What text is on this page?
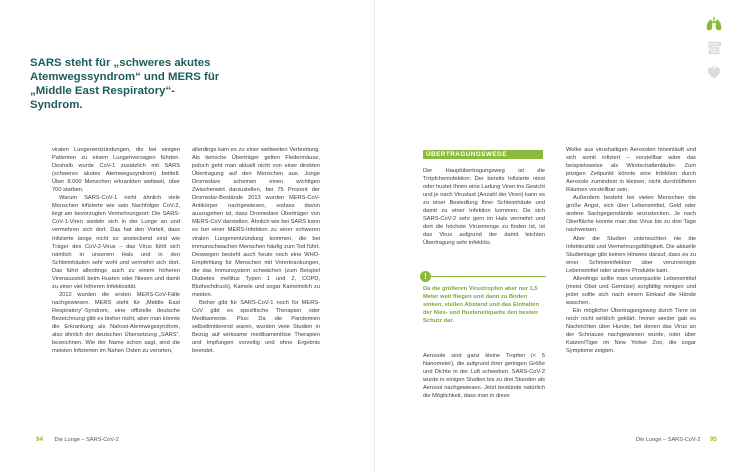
SARS steht für „schweres akutes Atemwegssyndrom“ und MERS für „Middle East Respiratory“-Syndrom.

viralen Lungenentzündungen, die bei einigen Patienten zu einem Lungenversagen führten. Deshalb wurde CoV-1 zusätzlich mit SARS (schweres akutes Atemwegssyndrom) betitelt. Über 8.000 Menschen erkrankten weltweit, über 700 starben.

Warum SARS-CoV-1 nicht ähnlich viele Menschen infizierte wie sein Nachfolger CoV-2, liegt am bevorzugten Vermehrungsort: Die SARS-CoV-1-Viren siedeln sich in der Lunge an und vermehren sich dort. Das hat den Vorteil, dass Infizierte lange nicht so ansteckend sind wie Träger des CoV-2-Virus – das Virus fühlt sich nämlich in unserem Hals und in den Schleimhäuten sehr wohl und vermehrt sich dort. Das führt allerdings auch zu einem höheren Virenausstoß beim Husten oder Niesen und damit zu einer viel höheren Infektiosität.

2012 wurden die ersten MERS-CoV-Fälle nachgewiesen. MERS steht für „Middle East Respiratory“-Syndrom, eine offizielle deutsche Bezeichnung gibt es bisher nicht, aber man könnte die Erkrankung als Nahost-Atemwegssyndrom, also ähnlich der deutschen Übersetzung „SARS“, bezeichnen. Wie der Name schon sagt, sind die meisten Infizierten im Nahen Osten zu verorten,

allerdings kam es zu einer weltweiten Verbreitung. Als tierische Überträger gelten Fledermäuse, jedoch geht man aktuell nicht von einer direkten Übertragung auf den Menschen aus. Junge Dromedare scheinen einen wichtigen Zwischenwirt darzustellen, bei 75 Prozent der Dromedar-Bestände 2013 wurden MERS-CoV-Antikörper nachgewiesen, sodass davon auszugehen ist, dass Dromedare Überträger von MERS-CoV darstellen. Ähnlich wie bei SARS kann es bei einer MERS-Infektion zu einer schweren viralen Lungenentzündung kommen, die bei immunschwachen Menschen häufig zum Tod führt. Deswegen besteht auch heute noch eine WHO-Empfehlung für Menschen mit Vorerkrankungen, die das Immunsystem schwächen (zum Beispiel Diabetes mellitus Typen 1 und 2, COPD, Bluthochdruck), Kamele und sogar Kamelmilch zu meiden.

Bisher gibt für SARS-CoV-1 noch für MERS-CoV gibt es spezifische Therapien oder Medikamente. Plus: Da die Pandemien selbstlimitierend waren, wurden viele Studien in Bezug auf wirksame medikamentöse Therapien und Impfungen vorzeitig und ohne Ergebnis beendet.

ÜBERTRAGUNGSWEGE

Der Hauptübertragungsweg ist die Tröpfcheninfektion: Der bereits Infizierte niest oder hustet Ihnen eine Ladung Viren ins Gesicht und je nach Viruslast (Anzahl der Viren) kann es zu einer Besiedlung Ihrer Schleimhäute und damit zu einer Infektion kommen. Da sich SARS-CoV-2 sehr gern im Hals vermehrt und dort die höchste Virusmenge zu finden ist, ist das Virus aufgrund der damit leichten Übertragung sehr infektiös.

!
Da die größeren Virustropfen aber nur 1,5 Meter weit fliegen und dann zu Boden sinken, stellen Abstand und das Einhalten der Nies- und Hustenetiquette den besten Schutz dar.

Aerosole sind ganz kleine Tropfen (< 5 Nanometer), die aufgrund ihrer geringen Größe und Dichte in der Luft schweben. SARS-CoV-2 wurde in einigen Studien bis zu drei Stunden als Aerosol nachgewiesen. Jetzt bestünde natürlich die Möglichkeit, dass man in diese

Wolke aus virushaltigen Aerosolen hineinläuft und sich somit infiziert – vorstellbar wäre das beispielsweise als Windschattenläufer. Zum jetzigen Zeitpunkt könnte eine Infektion durch Aerosole zumindest in kleinen, nicht durchlüfteten Räumen vorstellbar sein.

Außerdem besteht bei vielen Menschen die große Angst, sich über Lebensmittel, Geld oder andere Sachgegenstände anzustecken. Je nach Oberfläche konnte man das Virus bis zu drei Tage nachweisen.

Aber die Studien untersuchten nie die Infektiosität und Vermehrungsfähigkeit. Die aktuelle Studienlage gibt keinen Hinweis darauf, dass es zu einer Schmierinfektion über verunreinigte Lebensmittel oder andere Produkte kam.

Allerdings sollte man unverpackte Lebensmittel (meist Obst und Gemüse) sorgfältig reinigen und jeder sollte sich nach einem Einkauf die Hände waschen.

Ein möglicher Übertragungsweg durch Tiere ist noch nicht wirklich geklärt. Immer wieder gab es Nachrichten über Hunde, bei denen das Virus an der Schnauze nachgewiesen wurde, oder über Katzen/Tiger im New Yorker Zoo, die sogar Symptome zeigten.

94 Die Lunge – SARS-CoV-2	Die Lunge – SARS-CoV-2 95
